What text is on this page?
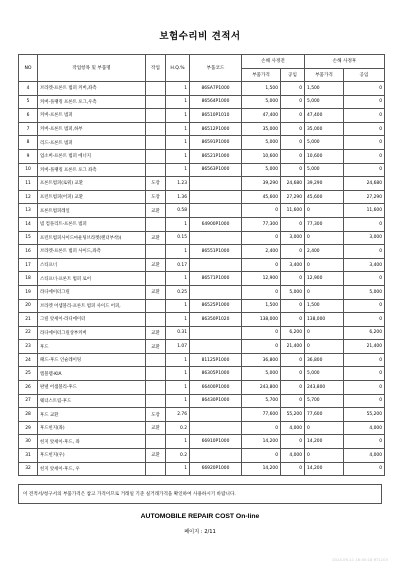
보험수리비 견적서
NO	작업항목 및 부품명	작업	H.Q.%	부품코드	손해 사정전		손해 사정후	
					부품가격	공임	부품가격	공임
4	브라켓-프론트 범퍼 커버,좌측		1	86SA7P1000	1,500	0	1,500	0
5	커버-플랭킹 프론트 포그,우측		1	86564P1000	5,000	0	5,000	0
6	커버-프론트 범퍼		1	86510P1010	47,400	0	47,400	0
7	커버-프론트 범퍼,하부		1	86512P1000	35,000	0	35,000	0
8	리드-프론트 범퍼		1	86591P1000	5,000	0	5,000	0
9	업소버-프론트 범퍼 에너지		1	86521P1000	10,600	0	10,600	0
10	커버-플랭킹 프론트 포그 좌측		1	86563P1000	5,000	0	5,000	0
11	프론트범퍼(로워) 교환	도장	1.23		39,290	24,680	39,290	24,680
12	프런트범퍼(어퍼) 교환	도장	1.36		45,600	27,290	45,600	27,290
13	프론트범퍼레일	교환	0.58		0	11,600	0	11,600
14	빔 컴플리트-프론트 범퍼		1	64900P1000	77,300	0	77,300	0
15	프런트범퍼사이드마운팅브라켓(랜더부착)(	교환	0.15		0	3,000	0	3,000
16	브라켓-프론트 범퍼 사이드,좌측		1	86551P1000	2,400	0	2,400	0
17	스티프너	교환	0.17		0	3,400	0	3,400
18	스티프너-프론트 범퍼 로어		1	86571P1000	12,900	0	12,900	0
19	라디에이터그릴	교환	0.25		0	5,000	0	5,000
20	브라켓 어셈블리-프론트 범퍼 사이드 어퍼,		1	86525P1000	1,500	0	1,500	0
21	그릴 앗세이-라디에이터		1	86350P1020	138,000	0	138,000	0
22	라디에이터그릴상부커버	교환	0.31		0	6,200	0	6,200
23	후드	교환	1.07		0	21,400	0	21,400
24	패드-후드 인슐레이팅		1	81125P1000	36,800	0	36,800	0
25	엠블렘-KIA		1	86305P1000	5,000	0	5,000	0
26	판넬 어셈블리-후드		1	66400P1000	243,800	0	243,800	0
27	웨더스트립-후드		1	86430P1000	5,700	0	5,700	0
28	후드 교환	도장	2.76		77,600	55,200	77,600	55,200
29	후드힌지(좌)	교환	0.2		0	4,000	0	4,000
30	힌지 앗세이-후드, 좌		1	66910P1000	14,200	0	14,200	0
31	후드힌지(우)	교환	0.2		0	4,000	0	4,000
32	힌지 앗세이-후드, 우		1	66920P1000	14,200	0	14,200	0
이 견적서/청구서의 부품가격은 참고 가격이므로 거래일 기준 실거래가격을 확인하여 사용하시기 바랍니다.
AUTOMOBILE REPAIR COST On-line
페이지 : 2/11
2024-09-11 16:45:18 RT1103
